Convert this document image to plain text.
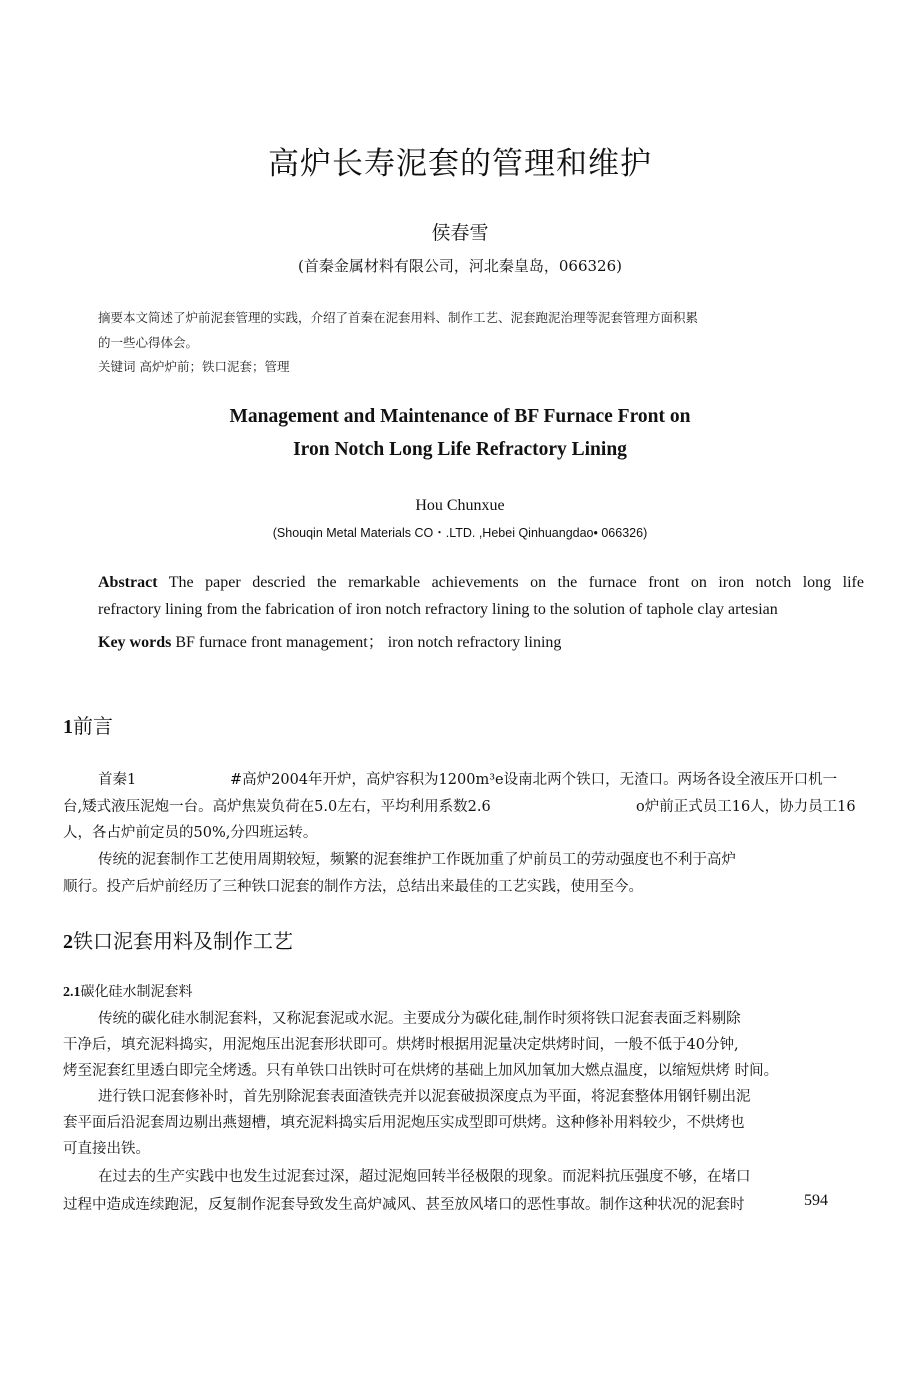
高炉长寿泥套的管理和维护
侯春雪
(首秦金属材料有限公司，河北秦皇岛，066326)
摘要本文简述了炉前泥套管理的实践，介绍了首秦在泥套用料、制作工艺、泥套跑泥治理等泥套管理方面积累
的一些心得体会。
关键词 高炉炉前；铁口泥套；管理
Management and Maintenance of BF Furnace Front on
Iron Notch Long Life Refractory Lining
Hou Chunxue
(Shouqin Metal Materials CO・.LTD. ,Hebei Qinhuangdao• 066326)
Abstract The paper descried the remarkable achievements on the furnace front on iron notch long life
refractory lining from the fabrication of iron notch refractory lining to the solution of taphole clay artesian
Key words BF furnace front management； iron notch refractory lining
1前言
首秦1	#高炉2004年开炉，高炉容积为1200m³e设南北两个铁口，无渣口。两场各设全液压开口机一
台,矮式液压泥炮一台。高炉焦炭负荷在5.0左右，平均利用系数2.6	o炉前正式员工16人，协力员工16
人，各占炉前定员的50%,分四班运转。
传统的泥套制作工艺使用周期较短，频繁的泥套维护工作既加重了炉前员工的劳动强度也不利于高炉
顺行。投产后炉前经历了三种铁口泥套的制作方法，总结出来最佳的工艺实践，使用至今。
2铁口泥套用料及制作工艺
2.1碳化硅水制泥套料
传统的碳化硅水制泥套料，又称泥套泥或水泥。主要成分为碳化硅,制作时须将铁口泥套表面乏料剔除
干净后，填充泥料捣实，用泥炮压出泥套形状即可。烘烤时根据用泥量决定烘烤时间，一般不低于40分钟,
烤至泥套红里透白即完全烤透。只有单铁口出铁时可在烘烤的基础上加风加氧加大燃点温度，以缩短烘烤 时间。
进行铁口泥套修补时，首先别除泥套表面渣铁壳并以泥套破损深度点为平面，将泥套整体用钢钎剔出泥
套平面后沿泥套周边剔出燕翅槽，填充泥料捣实后用泥炮压实成型即可烘烤。这种修补用料较少，不烘烤也
可直接出铁。
在过去的生产实践中也发生过泥套过深，超过泥炮回转半径极限的现象。而泥料抗压强度不够，在堵口
过程中造成连续跑泥，反复制作泥套导致发生高炉减风、甚至放风堵口的恶性事故。制作这种状况的泥套时	594
